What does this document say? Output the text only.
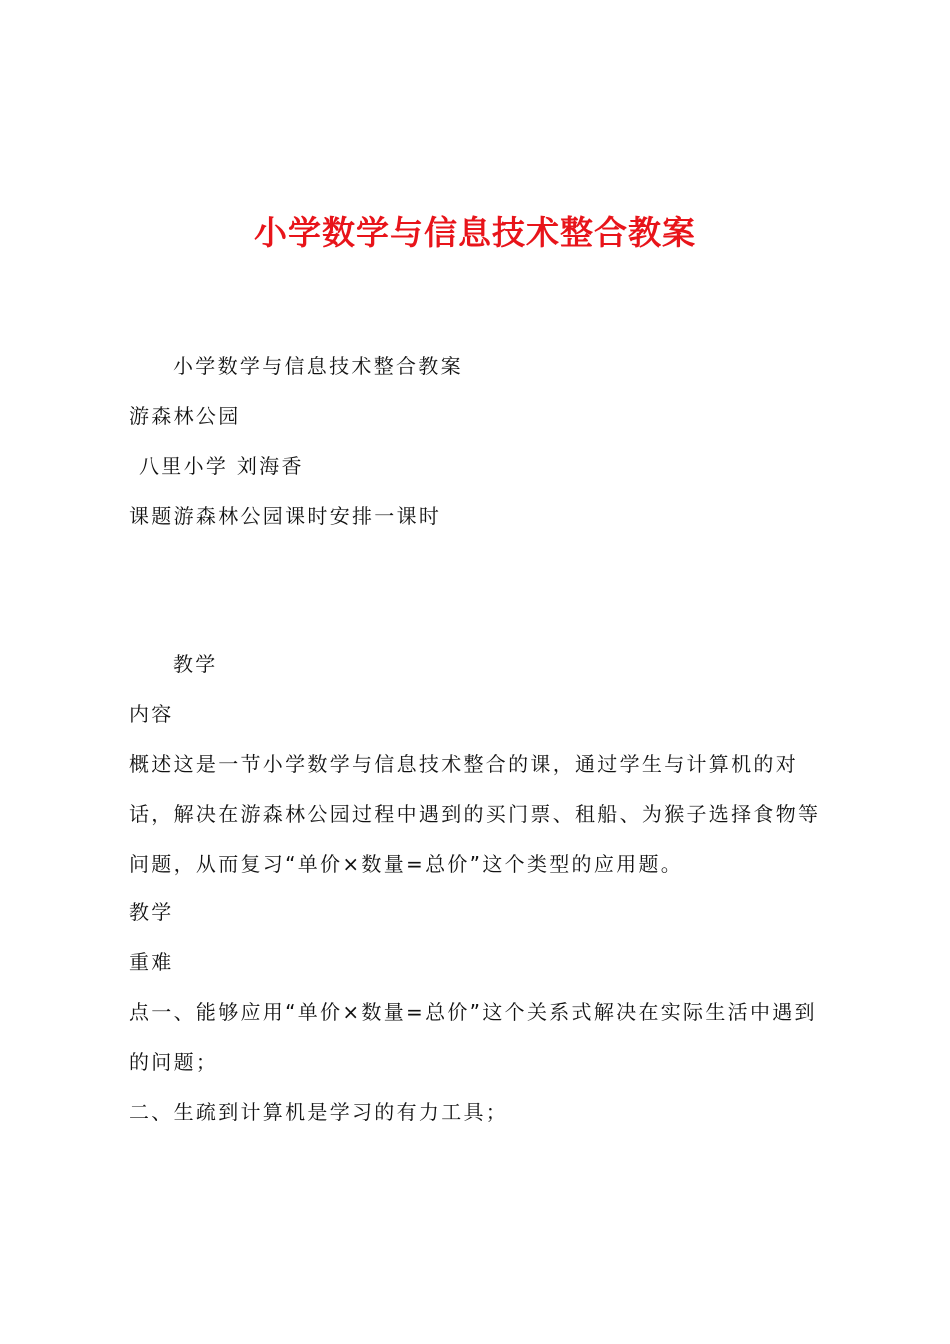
小学数学与信息技术整合教案
小学数学与信息技术整合教案
游森林公园
八里小学 刘海香
课题游森林公园课时安排一课时
教学
内容
概述这是一节小学数学与信息技术整合的课，通过学生与计算机的对
话，解决在游森林公园过程中遇到的买门票、租船、为猴子选择食物等
问题，从而复习“单价×数量=总价”这个类型的应用题。
教学
重难
点一、能够应用“单价×数量=总价”这个关系式解决在实际生活中遇到
的问题；
二、生疏到计算机是学习的有力工具；
